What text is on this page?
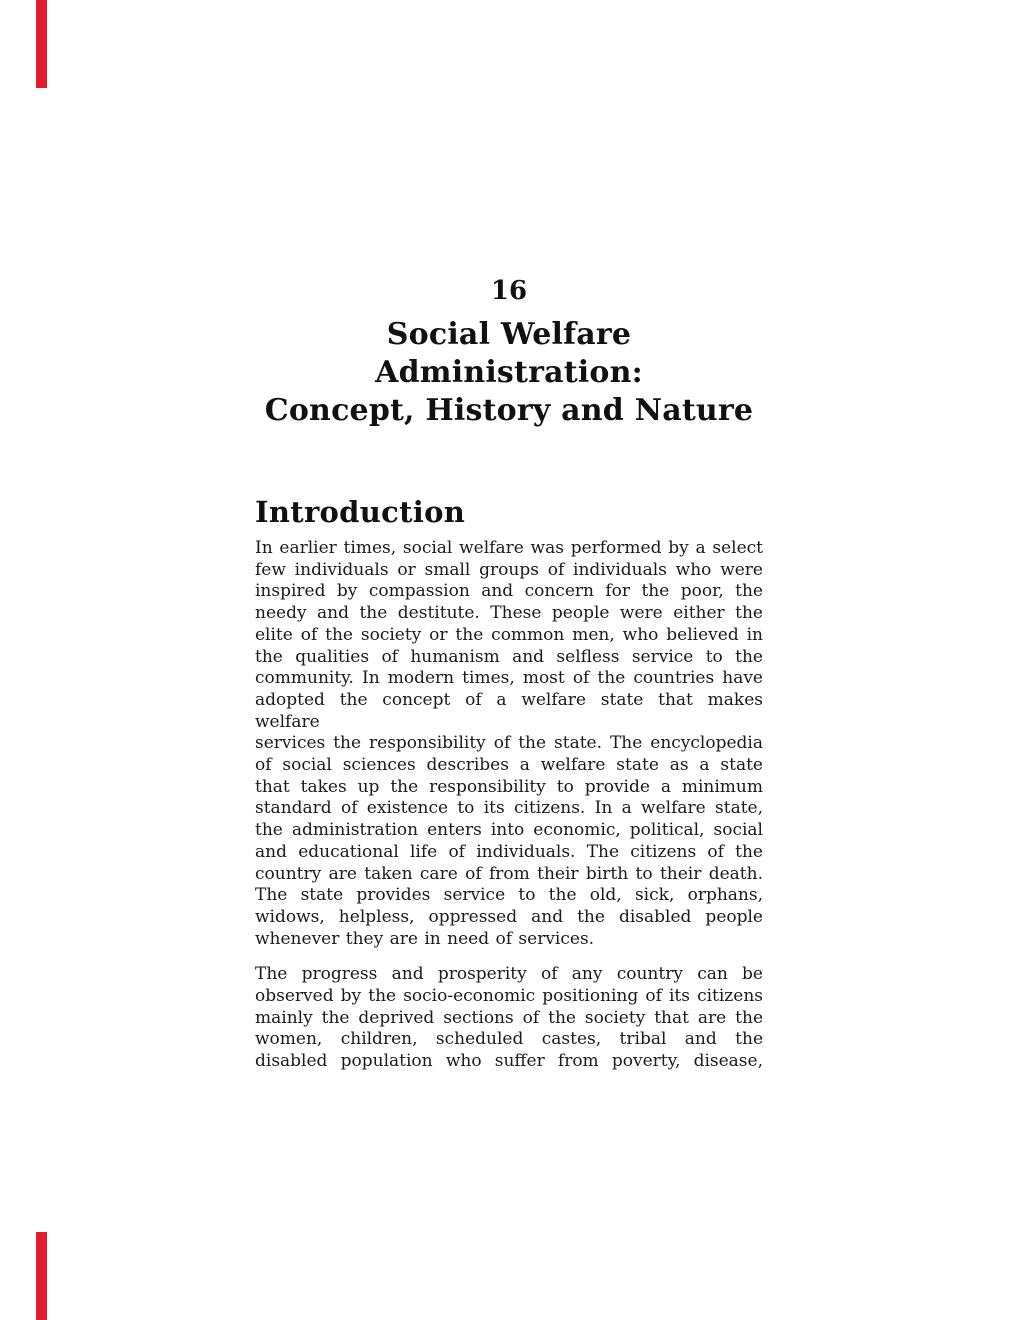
16
Social Welfare Administration:
Concept, History and Nature
Introduction
In earlier times, social welfare was performed by a select
few individuals or small groups of individuals who were
inspired by compassion and concern for the poor, the
needy and the destitute. These people were either the
elite of the society or the common men, who believed in
the qualities of humanism and selfless service to the
community. In modern times, most of the countries have
adopted the concept of a welfare state that makes welfare
services the responsibility of the state. The encyclopedia
of social sciences describes a welfare state as a state
that takes up the responsibility to provide a minimum
standard of existence to its citizens. In a welfare state,
the administration enters into economic, political, social
and educational life of individuals. The citizens of the
country are taken care of from their birth to their death.
The state provides service to the old, sick, orphans,
widows, helpless, oppressed and the disabled people
whenever they are in need of services.
The progress and prosperity of any country can be
observed by the socio-economic positioning of its citizens
mainly the deprived sections of the society that are the
women, children, scheduled castes, tribal and the
disabled population who suffer from poverty, disease,
